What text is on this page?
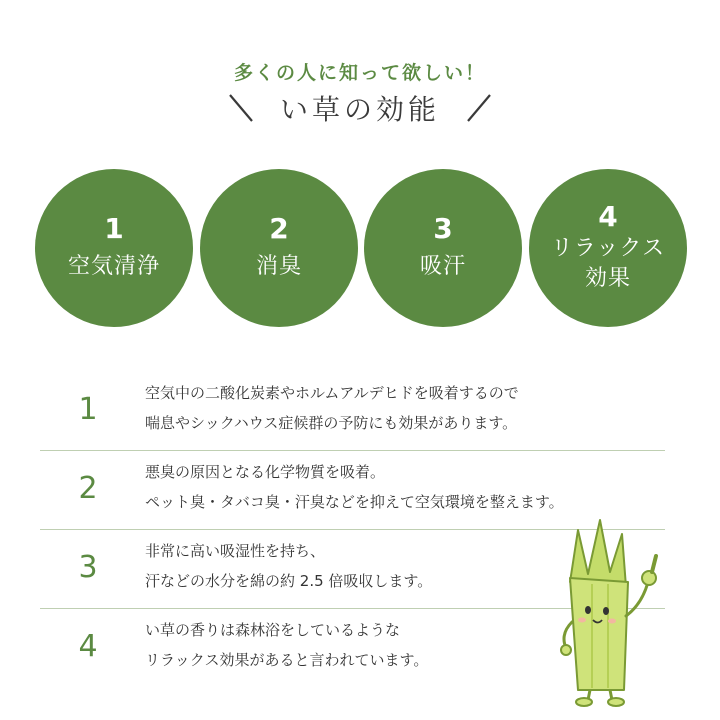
多くの人に知って欲しい！
い草の効能
1
空気清浄
2
消臭
3
吸汗
4
リラックス
効果
1	空気中の二酸化炭素やホルムアルデヒドを吸着するので
喘息やシックハウス症候群の予防にも効果があります。
2	悪臭の原因となる化学物質を吸着。
ペット臭・タバコ臭・汗臭などを抑えて空気環境を整えます。
3	非常に高い吸湿性を持ち、
汗などの水分を綿の約 2.5 倍吸収します。
4	い草の香りは森林浴をしているような
リラックス効果があると言われています。
